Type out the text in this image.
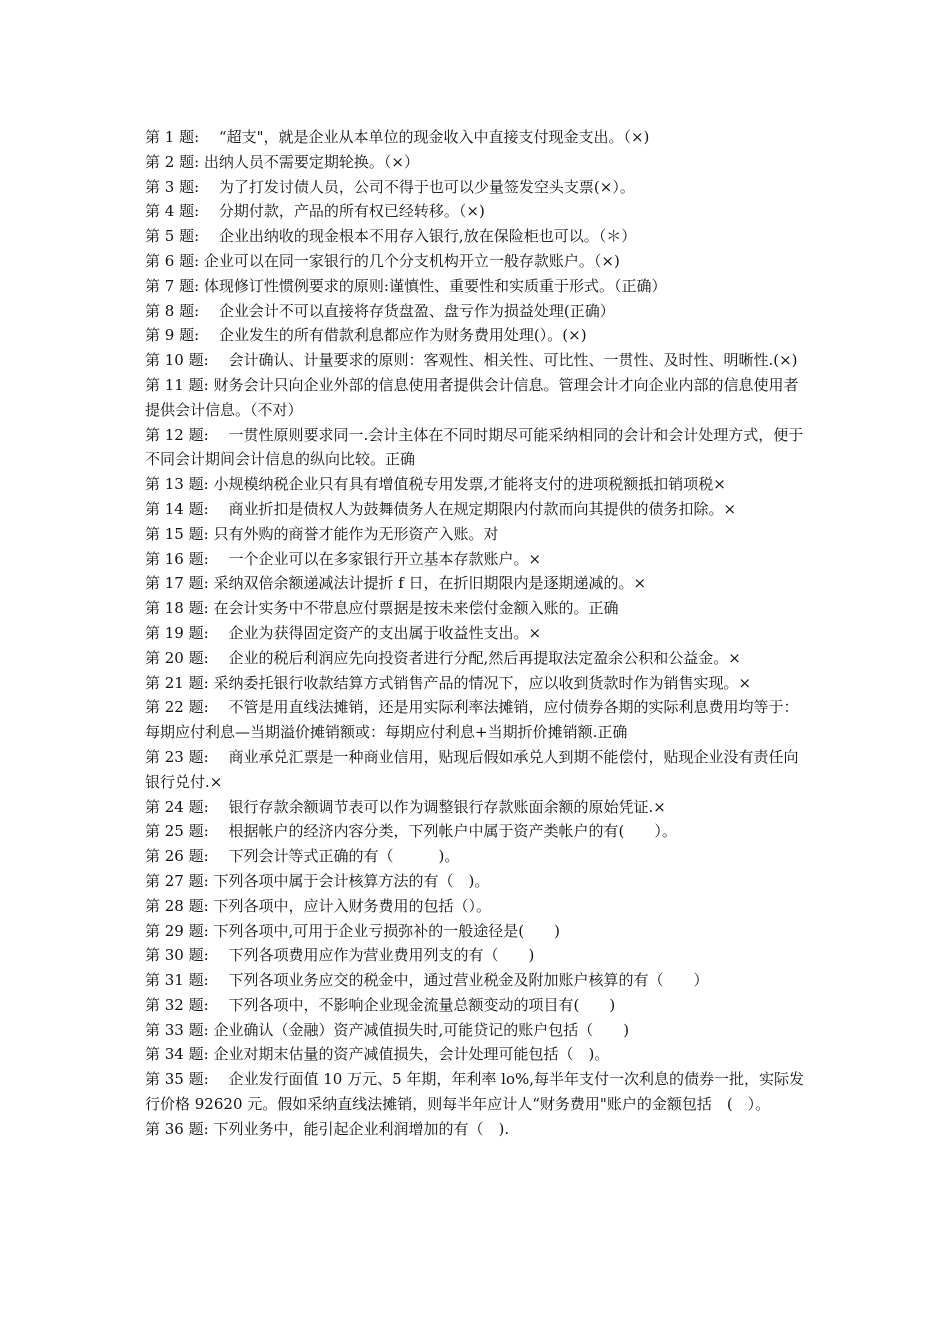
第 1 题: 　“超支"，就是企业从本单位的现金收入中直接支付现金支出。（×)

第 2 题: 出纳人员不需要定期轮换。（×）

第 3 题: 　为了打发讨债人员，公司不得于也可以少量签发空头支票(×）。

第 4 题: 　分期付款，产品的所有权已经转移。（×)

第 5 题: 　企业出纳收的现金根本不用存入银行,放在保险柜也可以。（＊）

第 6 题: 企业可以在同一家银行的几个分支机构开立一般存款账户。（×)

第 7 题: 体现修订性惯例要求的原则:谨慎性、重要性和实质重于形式。（正确）

第 8 题: 　企业会计不可以直接将存货盘盈、盘亏作为损益处理(正确）

第 9 题: 　企业发生的所有借款利息都应作为财务费用处理(）。(×)

第 10 题: 　会计确认、计量要求的原则：客观性、相关性、可比性、一贯性、及时性、明晰性.(×)

第 11 题: 财务会计只向企业外部的信息使用者提供会计信息。管理会计才向企业内部的信息使用者提供会计信息。（不对）

第 12 题: 　一贯性原则要求同一.会计主体在不同时期尽可能采纳相同的会计和会计处理方式，便于不同会计期间会计信息的纵向比较。正确

第 13 题: 小规模纳税企业只有具有增值税专用发票,才能将支付的进项税额抵扣销项税×

第 14 题: 　商业折扣是债权人为鼓舞债务人在规定期限内付款而向其提供的债务扣除。×

第 15 题: 只有外购的商誉才能作为无形资产入账。对

第 16 题: 　一个企业可以在多家银行开立基本存款账户。×

第 17 题: 采纳双倍余额递减法计提折 f 日，在折旧期限内是逐期递减的。×

第 18 题: 在会计实务中不带息应付票据是按未来偿付金额入账的。正确

第 19 题: 　企业为获得固定资产的支出属于收益性支出。×

第 20 题: 　企业的税后利润应先向投资者进行分配,然后再提取法定盈余公积和公益金。×

第 21 题: 采纳委托银行收款结算方式销售产品的情况下，应以收到货款时作为销售实现。×

第 22 题: 　不管是用直线法摊销，还是用实际利率法摊销，应付债券各期的实际利息费用均等于：每期应付利息—当期溢价摊销额或：每期应付利息+当期折价摊销额.正确

第 23 题: 　商业承兑汇票是一种商业信用，贴现后假如承兑人到期不能偿付，贴现企业没有责任向银行兑付.×

第 24 题: 　银行存款余额调节表可以作为调整银行存款账面余额的原始凭证.×

第 25 题: 　根据帐户的经济内容分类，下列帐户中属于资产类帐户的有(　　）。

第 26 题: 　下列会计等式正确的有（　　　)。

第 27 题: 下列各项中属于会计核算方法的有（　)。

第 28 题: 下列各项中，应计入财务费用的包括（）。

第 29 题: 下列各项中,可用于企业亏损弥补的一般途径是(　　)

第 30 题: 　下列各项费用应作为营业费用列支的有（　　)

第 31 题: 　下列各项业务应交的税金中，通过营业税金及附加账户核算的有（　　）

第 32 题: 　下列各项中，不影响企业现金流量总额变动的项目有(　　)

第 33 题: 企业确认（金融）资产减值损失时,可能贷记的账户包括（　　)

第 34 题: 企业对期末估量的资产减值损失，会计处理可能包括（　)。

第 35 题: 　企业发行面值 10 万元、5 年期，年利率 lo%,每半年支付一次利息的债券一批，实际发行价格 92620 元。假如采纳直线法摊销，则每半年应计人“财务费用"账户的金额包括　(　）。

第 36 题: 下列业务中，能引起企业利润增加的有（　).
